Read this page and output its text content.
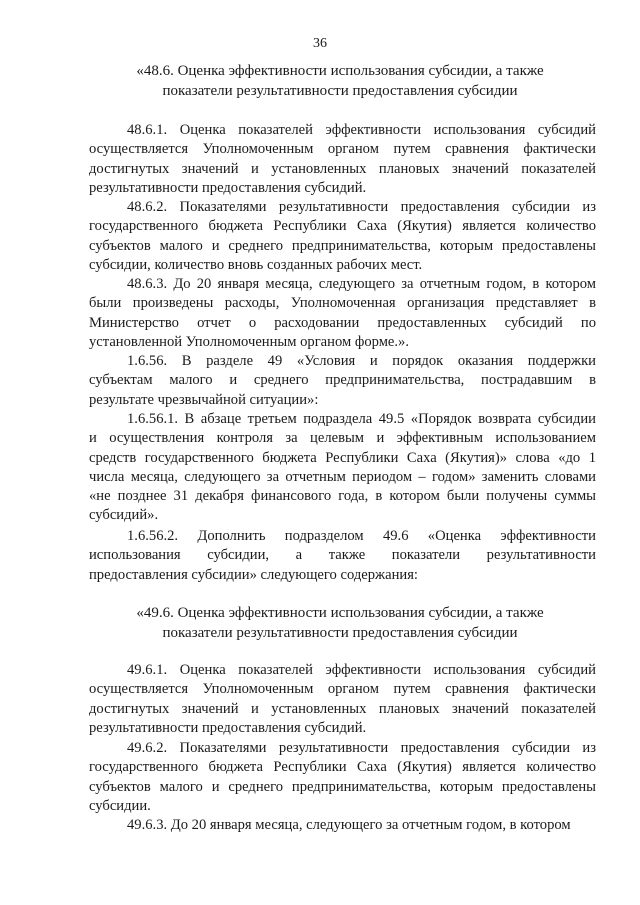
36
«48.6. Оценка эффективности использования субсидии, а также
показатели результативности предоставления субсидии
48.6.1. Оценка показателей эффективности использования субсидий
осуществляется Уполномоченным органом путем сравнения фактически
достигнутых значений и установленных плановых значений показателей
результативности предоставления субсидий.
48.6.2. Показателями результативности предоставления субсидии из
государственного бюджета Республики Саха (Якутия) является количество
субъектов малого и среднего предпринимательства, которым предоставлены
субсидии, количество вновь созданных рабочих мест.
48.6.3. До 20 января месяца, следующего за отчетным годом, в котором
были произведены расходы, Уполномоченная организация представляет в
Министерство отчет о расходовании предоставленных субсидий по
установленной Уполномоченным органом форме.».
1.6.56. В разделе 49 «Условия и порядок оказания поддержки
субъектам малого и среднего предпринимательства, пострадавшим в
результате чрезвычайной ситуации»:
1.6.56.1. В абзаце третьем подраздела 49.5 «Порядок возврата субсидии
и осуществления контроля за целевым и эффективным использованием
средств государственного бюджета Республики Саха (Якутия)» слова «до 1
числа месяца, следующего за отчетным периодом – годом» заменить словами
«не позднее 31 декабря финансового года, в котором были получены суммы
субсидий».
1.6.56.2. Дополнить подразделом 49.6 «Оценка эффективности
использования субсидии, а также показатели результативности
предоставления субсидии» следующего содержания:
«49.6. Оценка эффективности использования субсидии, а также
показатели результативности предоставления субсидии
49.6.1. Оценка показателей эффективности использования субсидий
осуществляется Уполномоченным органом путем сравнения фактически
достигнутых значений и установленных плановых значений показателей
результативности предоставления субсидий.
49.6.2. Показателями результативности предоставления субсидии из
государственного бюджета Республики Саха (Якутия) является количество
субъектов малого и среднего предпринимательства, которым предоставлены
субсидии.
49.6.3. До 20 января месяца, следующего за отчетным годом, в котором
